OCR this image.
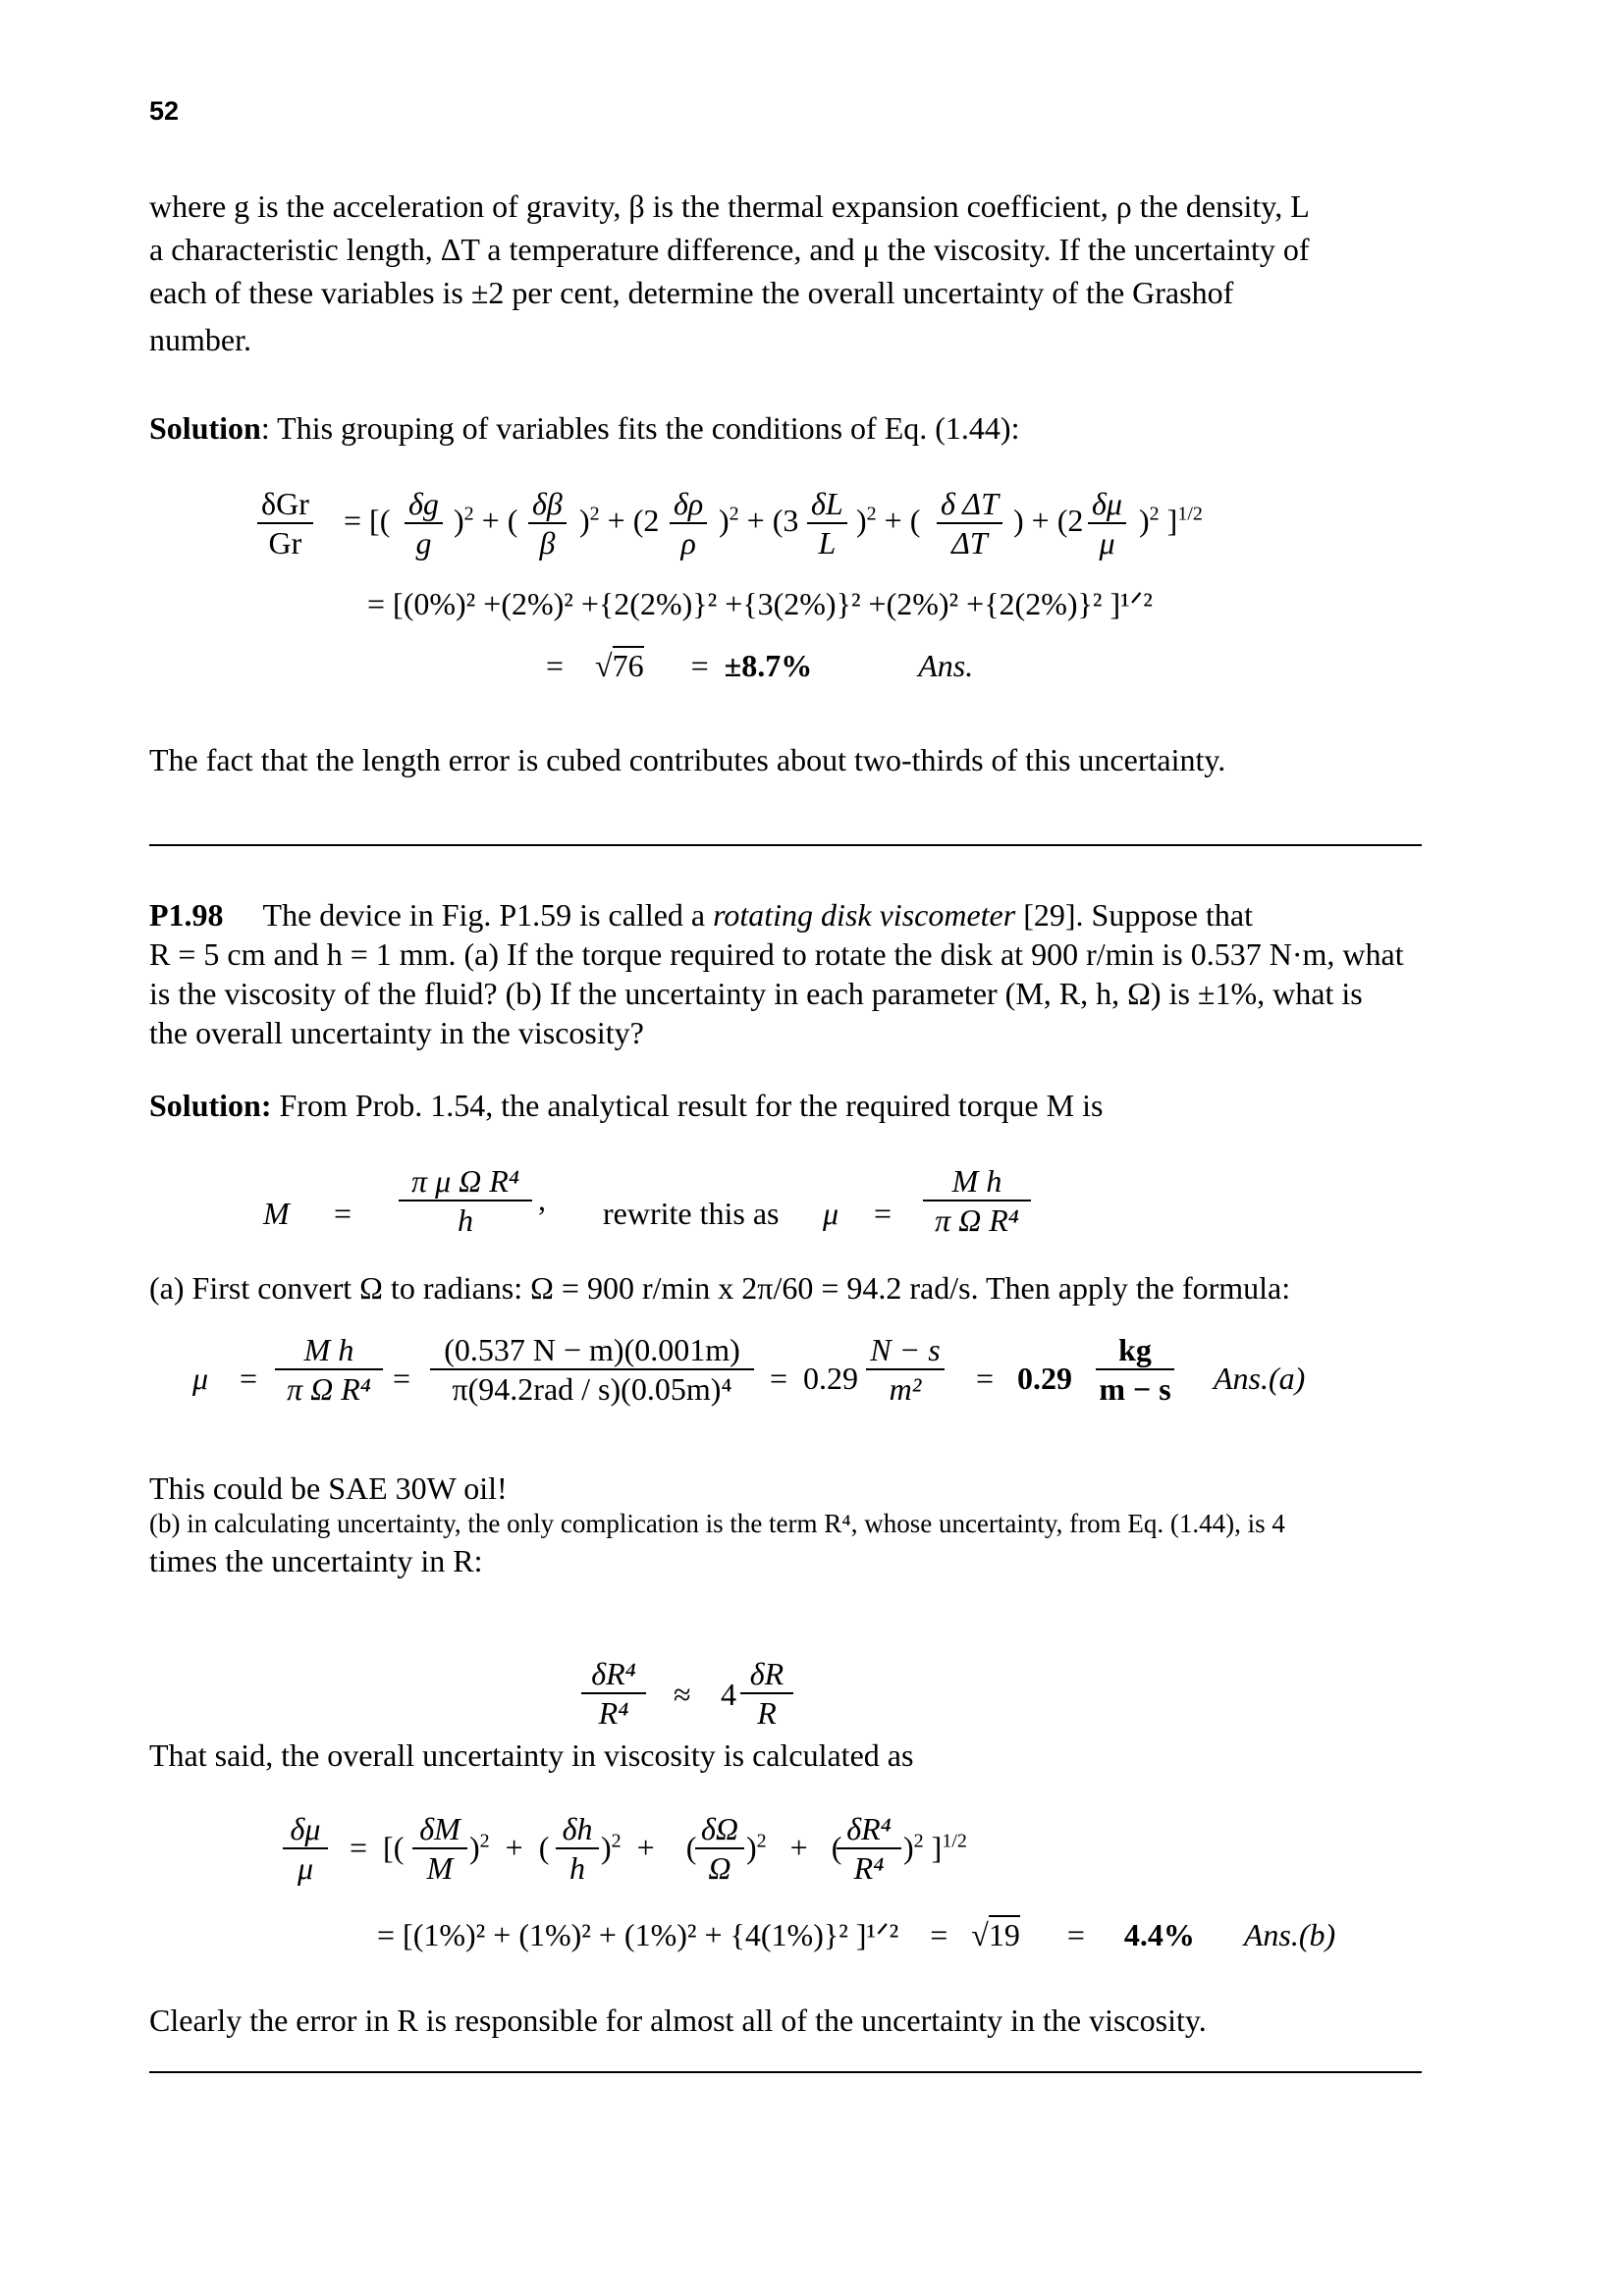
52
where g is the acceleration of gravity, β is the thermal expansion coefficient, ρ the density, L
a characteristic length, ΔT a temperature difference, and μ the viscosity. If the uncertainty of
each of these variables is ±2 per cent, determine the overall uncertainty of the Grashof
number.
Solution: This grouping of variables fits the conditions of Eq. (1.44):
δGr
Gr
= [( $\frac{\delta g}{g} )^2$ + ( $\frac{\delta\beta}{\beta} )^2 + (2 \frac{\delta\rho}{\rho} )^2 + (3 \frac{\delta L}{L} )^2$ + ( $\frac{\text{δ ΔT}}{\Delta T}$ ) + $(2 \frac{\delta\mu}{\mu} )^2$ ]$^{1/2}$
= [(0%)² +(2%)² +{2(2%)}² +{3(2%)}² +(2%)² +{2(2%)}² ]¹ᐟ²
=    √76      =  ±8.7%	Ans.
The fact that the length error is cubed contributes about two-thirds of this uncertainty.
P1.98 The device in Fig. P1.59 is called a rotating disk viscometer [29]. Suppose that
R = 5 cm and h = 1 mm. (a) If the torque required to rotate the disk at 900 r/min is 0.537 N·m, what
is the viscosity of the fluid? (b) If the uncertainty in each parameter (M, R, h, Ω) is ±1%, what is
the overall uncertainty in the viscosity?
Solution: From Prob. 1.54, the analytical result for the required torque M is
$M = \frac{\text{π μ Ω R⁴}}{h}$ , rewrite this as $\mu = \frac{\text{M h}}{\text{π Ω R⁴}}$
(a) First convert Ω to radians: Ω = 900 r/min x 2π/60 = 94.2 rad/s. Then apply the formula:
$\mu = \frac{\text{M h}}{\text{π Ω R⁴}}$ =
(0.537 N − m)(0.001m)
π(94.2rad / s)(0.05m)⁴	=  $0.29 \frac{N - s}{\text{m²}} = 0.29 \frac{kg}{m - s} Ans.(a)$
This could be SAE 30W oil!
(b) in calculating uncertainty, the only complication is the term R⁴, whose uncertainty, from Eq. (1.44), is 4
times the uncertainty in R:
$\frac{\text{δR⁴}}{\text{R⁴}} \approx 4 \frac{\delta R}{R}$
That said, the overall uncertainty in viscosity is calculated as
$\frac{\delta\mu}{\mu}$ =  [( $\frac{\delta M}{M} )^2$  +  ( $\frac{\delta h}{h} )^2$  +    (
$\frac{\delta\Omega}{\Omega} )^2$   +   (
$\frac{\text{δR⁴}}{\text{R⁴}} )^2$ ]$^{1/2}$
= [(1%)² + (1%)² + (1%)² + {4(1%)}² ]¹ᐟ²    =   √19      =     4.4% Ans.(b)
Clearly the error in R is responsible for almost all of the uncertainty in the viscosity.
